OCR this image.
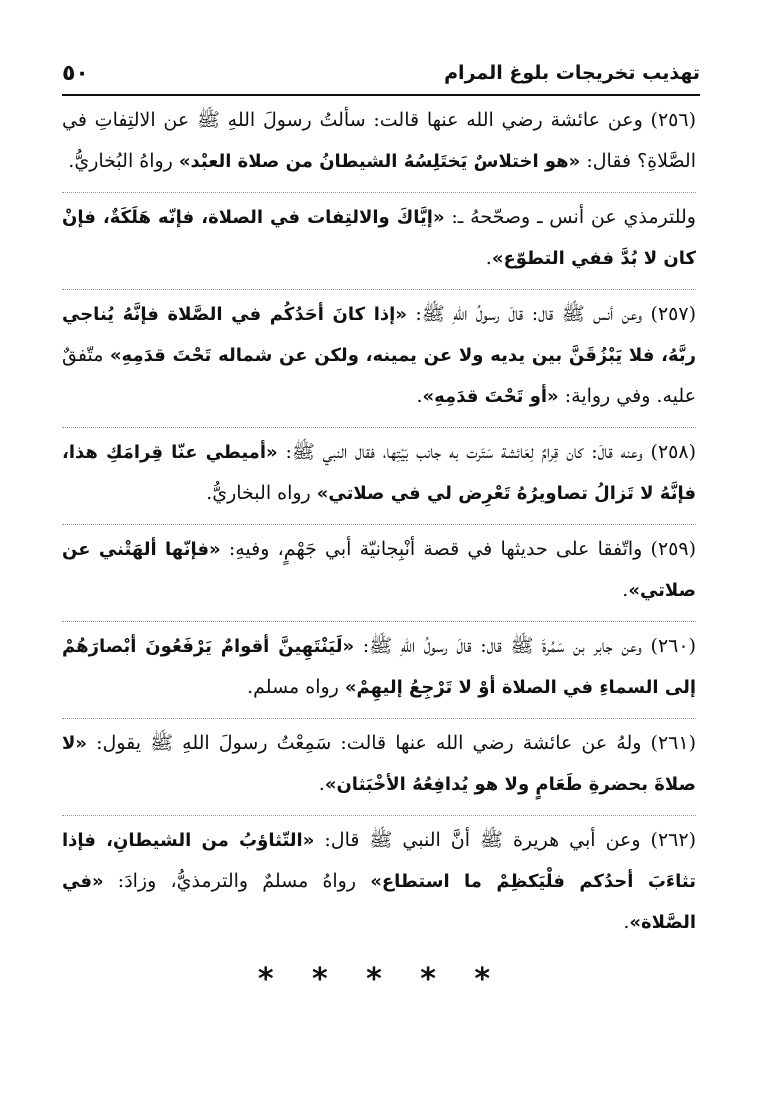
تهذيب تخريجات بلوغ المرام
٥٠

(٢٥٦) وعن عائشة رضي الله عنها قالت: سألتُ رسولَ اللهِ ﷺ عن الالتِفاتِ في الصَّلاةِ؟ فقال: «هو اختلاسٌ يَختَلِسُهُ الشيطانُ من صلاة العبْد» رواهُ البُخاريُّ.

وللترمذي عن أنس ـ وصحّحهُ ـ: «إيَّاكَ والالتِفات في الصلاة، فإنّه هَلَكَةٌ، فإنْ كان لا بُدَّ ففي التطوّع».

(٢٥٧) وعن أنس ﷺ قال: قالَ رسولُ اللهِ ﷺ: «إذا كانَ أحَدُكُم في الصَّلاة فإنَّهُ يُناجي ربَّهُ، فلا يَبْزُقَنَّ بين يديه ولا عن يمينه، ولكن عن شماله تَحْتَ قدَمِهِ» متّفقٌ عليه. وفي رواية: «أو تَحْتَ قدَمِهِ».

(٢٥٨) وعنه قالَ: كان قِرامٌ لِعَائشة سَتَرت به جانب بَيْتِها، فقال النبي ﷺ: «أميطي عنّا قِرامَكِ هذا، فإنَّهُ لا تَزالُ تصاويرُهُ تَعْرِض لي في صلاتي» رواه البخاريُّ.

(٢٥٩) واتّفقا على حديثها في قصة أنْبِجانيّة أبي جَهْمٍ، وفيهِ: «فإنّها ألهَتْني عن صلاتي».

(٢٦٠) وعن جابر بن سَمُرةَ ﷺ قال: قالَ رسولُ اللهِ ﷺ: «لَيَنْتَهِينَّ أقوامٌ يَرْفَعُونَ أبْصارَهُمْ إلى السماءِ في الصلاة أوْ لا تَرْجِعُ إليهِمْ» رواه مسلم.

(٢٦١) ولهُ عن عائشة رضي الله عنها قالت: سَمِعْتُ رسولَ اللهِ ﷺ يقول: «لا صلاةَ بحضرةِ طَعَامٍ ولا هو يُدافِعُهُ الأخْبَثان».

(٢٦٢) وعن أبي هريرة ﷺ أنَّ النبي ﷺ قال: «التّثاؤبُ من الشيطانِ، فإذا تثاءَبَ أحدُكم فلْيَكظِمْ ما استطاع» رواهُ مسلمٌ والترمذيُّ، وزادَ: «في الصَّلاة».

* * * * *
